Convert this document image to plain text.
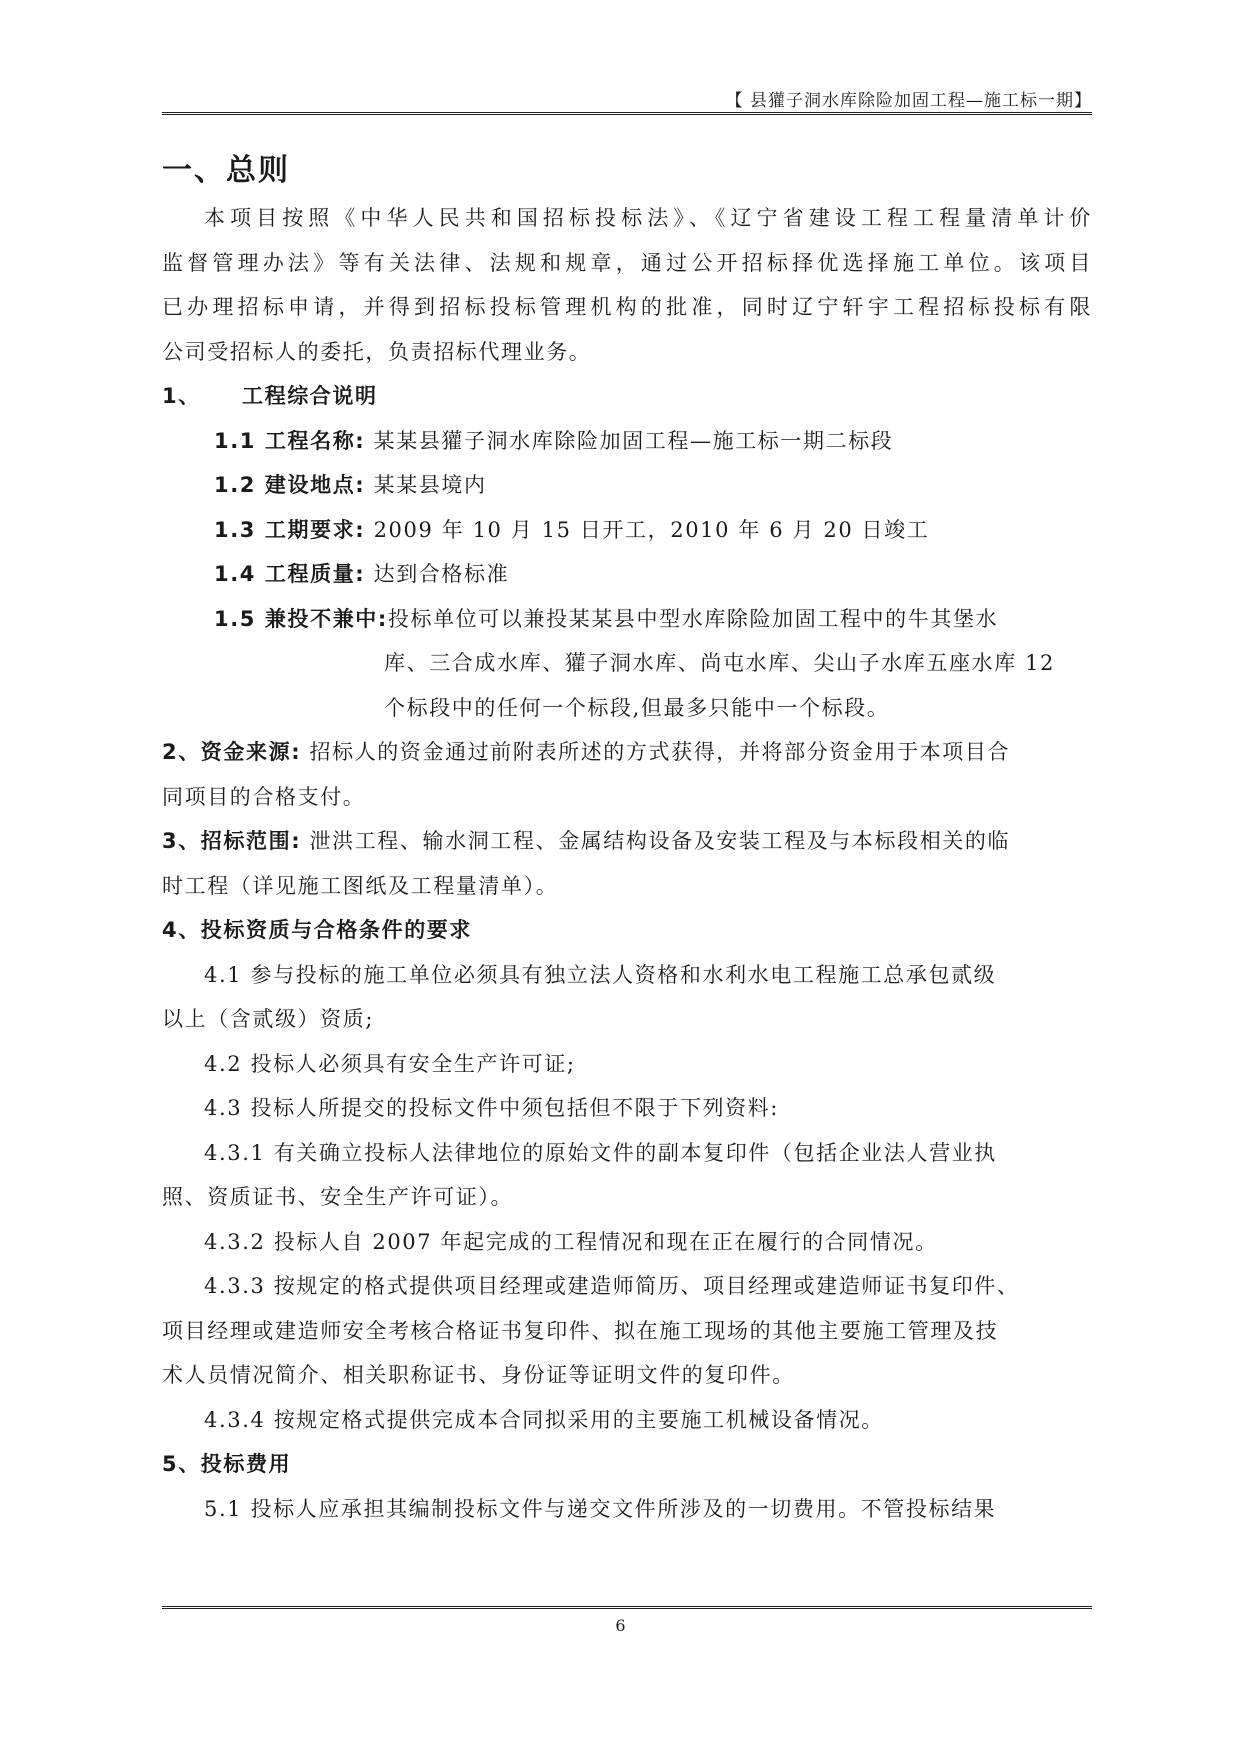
【 县獾子洞水库除险加固工程—施工标一期】
一、总则
本项目按照《中华人民共和国招标投标法》、《辽宁省建设工程工程量清单计价
监督管理办法》等有关法律、法规和规章，通过公开招标择优选择施工单位。该项目
已办理招标申请，并得到招标投标管理机构的批准，同时辽宁轩宇工程招标投标有限
公司受招标人的委托，负责招标代理业务。
1、 工程综合说明
1.1 工程名称: 某某县獾子洞水库除险加固工程—施工标一期二标段
1.2 建设地点: 某某县境内
1.3 工期要求: 2009 年 10 月 15 日开工，2010 年 6 月 20 日竣工
1.4 工程质量: 达到合格标准
1.5 兼投不兼中:投标单位可以兼投某某县中型水库除险加固工程中的牛其堡水
库、三合成水库、獾子洞水库、尚屯水库、尖山子水库五座水库 12
个标段中的任何一个标段,但最多只能中一个标段。
2、资金来源: 招标人的资金通过前附表所述的方式获得，并将部分资金用于本项目合
同项目的合格支付。
3、招标范围: 泄洪工程、输水洞工程、金属结构设备及安装工程及与本标段相关的临
时工程（详见施工图纸及工程量清单）。
4、投标资质与合格条件的要求
4.1 参与投标的施工单位必须具有独立法人资格和水利水电工程施工总承包贰级
以上（含贰级）资质;
4.2 投标人必须具有安全生产许可证;
4.3 投标人所提交的投标文件中须包括但不限于下列资料:
4.3.1 有关确立投标人法律地位的原始文件的副本复印件（包括企业法人营业执
照、资质证书、安全生产许可证）。
4.3.2 投标人自 2007 年起完成的工程情况和现在正在履行的合同情况。
4.3.3 按规定的格式提供项目经理或建造师简历、项目经理或建造师证书复印件、
项目经理或建造师安全考核合格证书复印件、拟在施工现场的其他主要施工管理及技
术人员情况简介、相关职称证书、身份证等证明文件的复印件。
4.3.4 按规定格式提供完成本合同拟采用的主要施工机械设备情况。
5、投标费用
5.1 投标人应承担其编制投标文件与递交文件所涉及的一切费用。不管投标结果
6
